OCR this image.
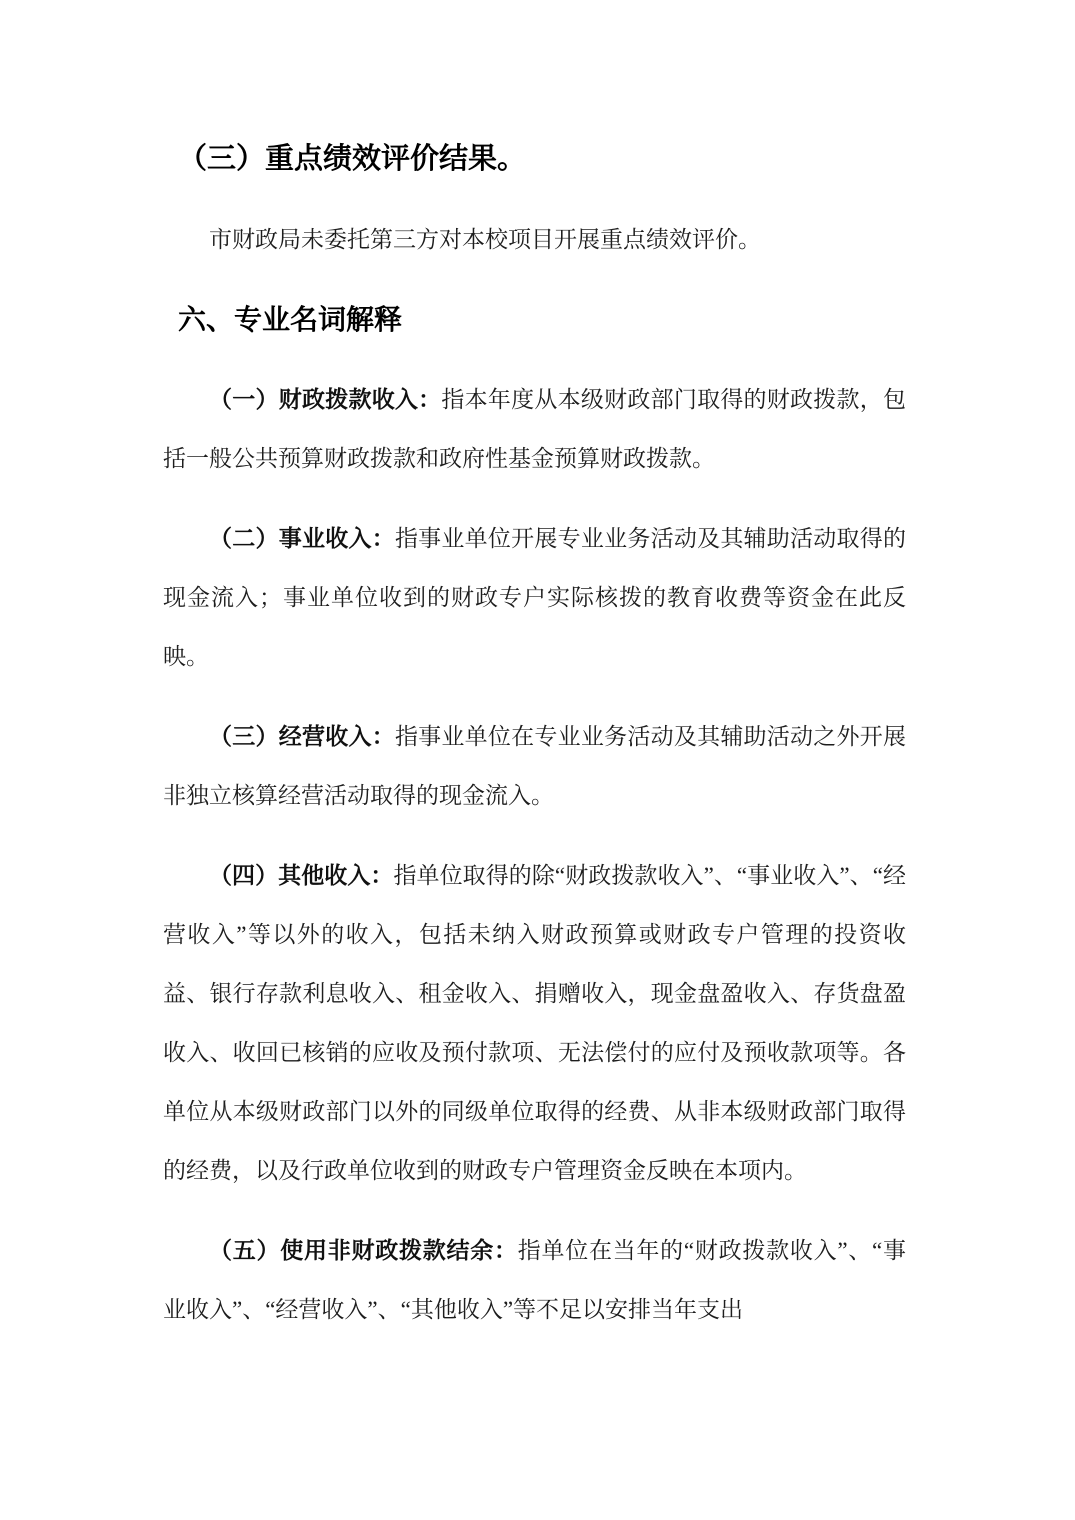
（三）重点绩效评价结果。

市财政局未委托第三方对本校项目开展重点绩效评价。

六、专业名词解释

（一）财政拨款收入：指本年度从本级财政部门取得的财政拨款，包括一般公共预算财政拨款和政府性基金预算财政拨款。

（二）事业收入：指事业单位开展专业业务活动及其辅助活动取得的现金流入；事业单位收到的财政专户实际核拨的教育收费等资金在此反映。

（三）经营收入：指事业单位在专业业务活动及其辅助活动之外开展非独立核算经营活动取得的现金流入。

（四）其他收入：指单位取得的除“财政拨款收入”、“事业收入”、“经营收入”等以外的收入，包括未纳入财政预算或财政专户管理的投资收益、银行存款利息收入、租金收入、捐赠收入，现金盘盈收入、存货盘盈收入、收回已核销的应收及预付款项、无法偿付的应付及预收款项等。各单位从本级财政部门以外的同级单位取得的经费、从非本级财政部门取得的经费，以及行政单位收到的财政专户管理资金反映在本项内。

（五）使用非财政拨款结余：指单位在当年的“财政拨款收入”、“事业收入”、“经营收入”、“其他收入”等不足以安排当年支出
